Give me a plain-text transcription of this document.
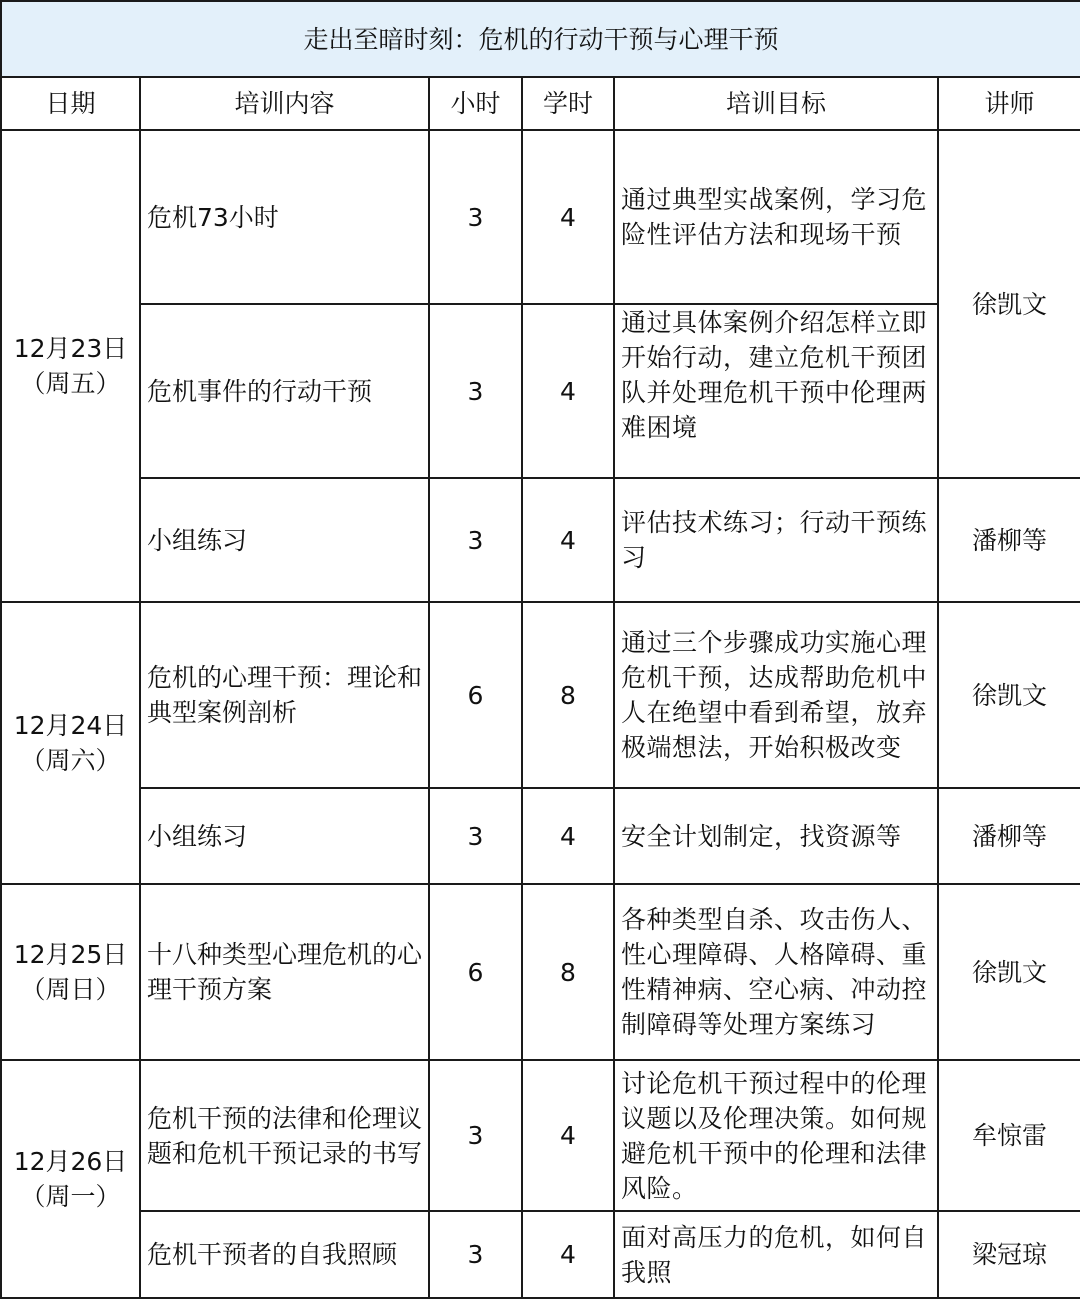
走出至暗时刻：危机的行动干预与心理干预					
日期	培训内容	小时	学时	培训目标	讲师

12月23日
（周五）	危机73小时	3	4	通过典型实战案例，学习危险性评估方法和现场干预	徐凯文
	危机事件的行动干预	3	4	通过具体案例介绍怎样立即开始行动，建立危机干预团队并处理危机干预中伦理两难困境	
	小组练习	3	4	评估技术练习；行动干预练习	潘柳等

12月24日
（周六）	危机的心理干预：理论和典型案例剖析	6	8	通过三个步骤成功实施心理危机干预，达成帮助危机中人在绝望中看到希望，放弃极端想法，开始积极改变	徐凯文
	小组练习	3	4	安全计划制定，找资源等	潘柳等

12月25日
（周日）	十八种类型心理危机的心理干预方案	6	8	各种类型自杀、攻击伤人、性心理障碍、人格障碍、重性精神病、空心病、冲动控制障碍等处理方案练习	徐凯文

12月26日
（周一）	危机干预的法律和伦理议题和危机干预记录的书写	3	4	讨论危机干预过程中的伦理议题以及伦理决策。如何规避危机干预中的伦理和法律风险。	牟惊雷
	危机干预者的自我照顾	3	4	面对高压力的危机，如何自我照	梁冠琼
